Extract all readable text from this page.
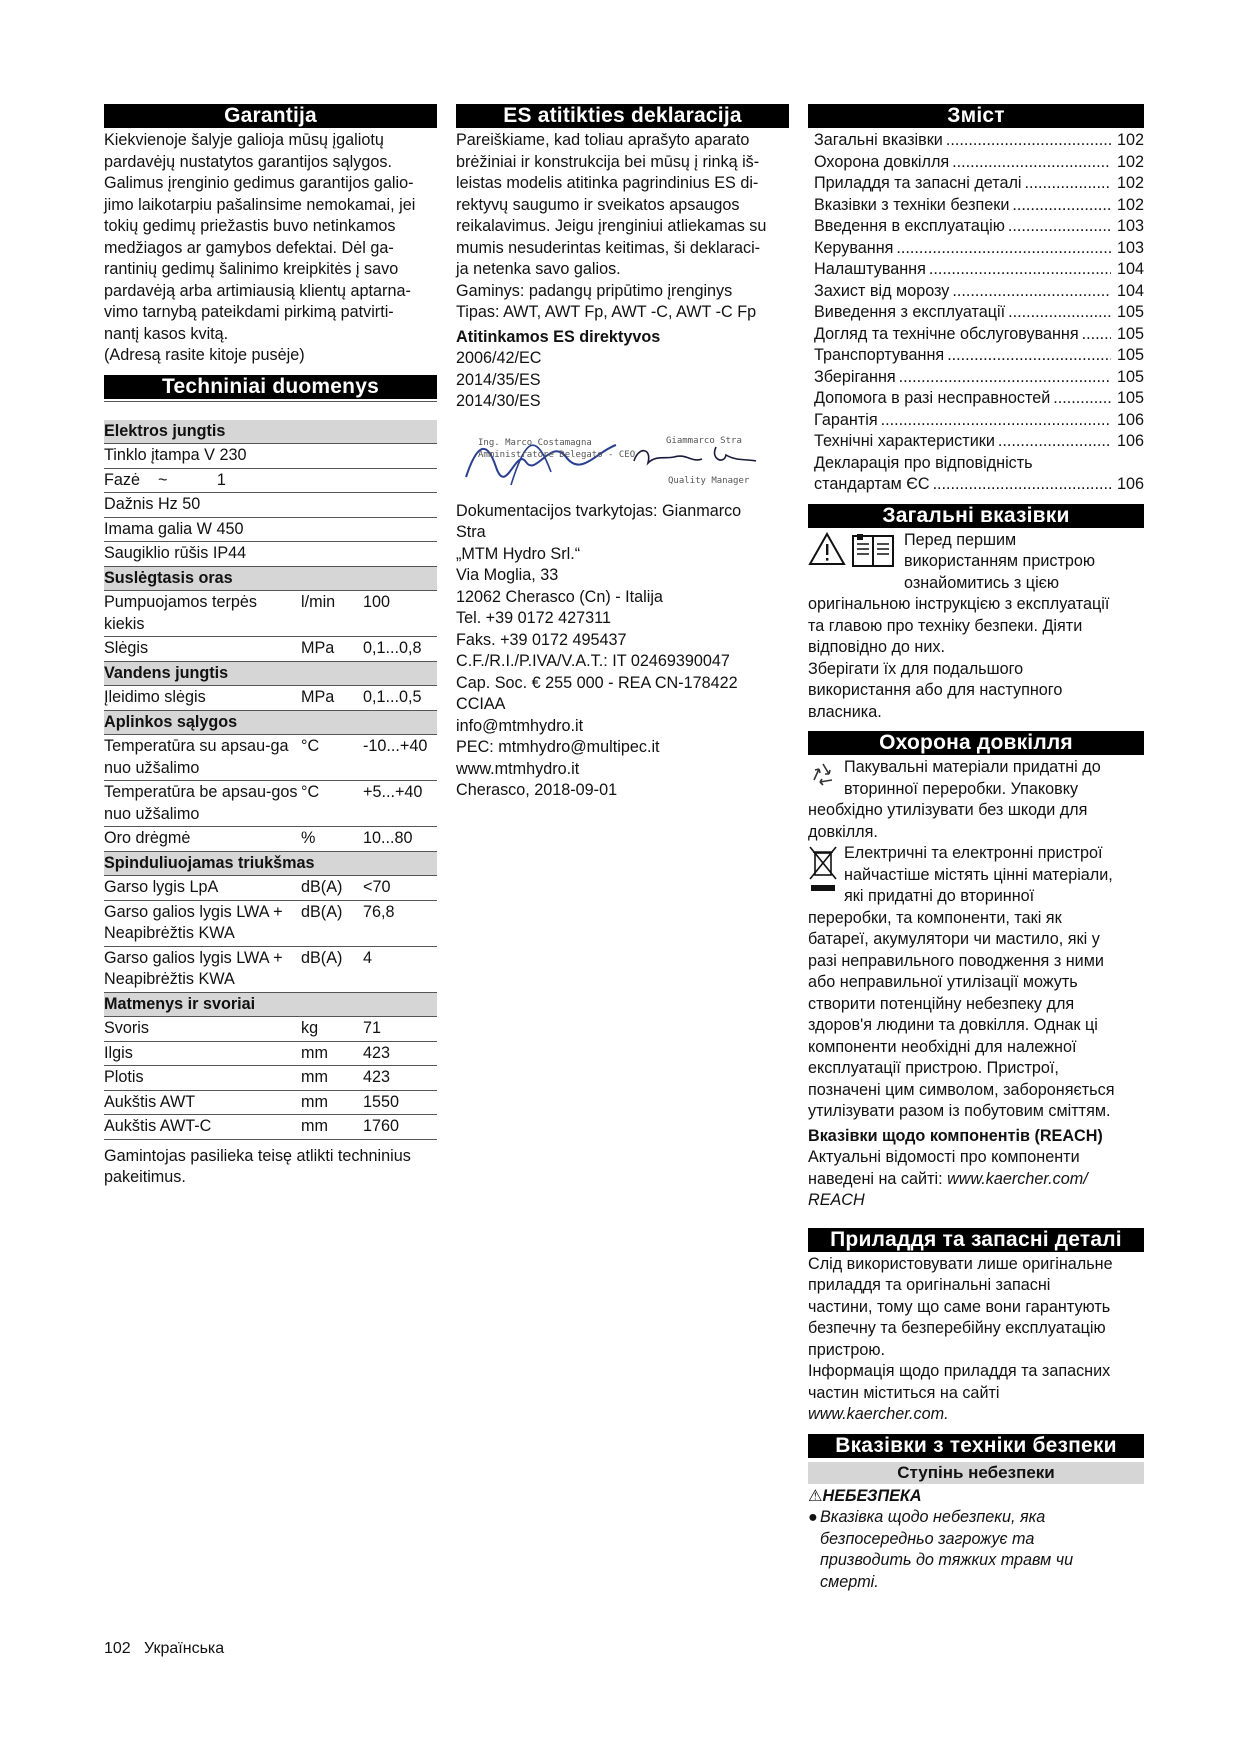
Garantija

Kiekvienoje šalyje galioja mūsų įgaliotų

pardavėjų nustatytos garantijos sąlygos.

Galimus įrenginio gedimus garantijos galio-

jimo laikotarpiu pašalinsime nemokamai, jei

tokių gedimų priežastis buvo netinkamos

medžiagos ar gamybos defektai. Dėl ga-

rantinių gedimų šalinimo kreipkitės į savo

pardavėją arba artimiausią klientų aptarna-

vimo tarnybą pateikdami pirkimą patvirti-

nantį kasos kvitą.

(Adresą rasite kitoje pusėje)

Techniniai duomenys
Elektros jungtis		
Tinklo įtampa V 230		
Fazė    ~           1		
Dažnis Hz 50		
Imama galia W 450		
Saugiklio rūšis IP44		
Suslėgtasis oras		
Pumpuojamos terpės kiekis	l/min	100
Slėgis	MPa	0,1...0,8
Vandens jungtis		
Įleidimo slėgis	MPa	0,1...0,5
Aplinkos sąlygos		
Temperatūra su apsau-ga nuo užšalimo	°C	-10...+40
Temperatūra be apsau-gos nuo užšalimo	°C	+5...+40
Oro drėgmė	%	10...80
Spinduliuojamas triukšmas		
Garso lygis LpA	dB(A)	<70
Garso galios lygis LWA + Neapibrėžtis KWA	dB(A)	76,8
Garso galios lygis LWA + Neapibrėžtis KWA	dB(A)	4
Matmenys ir svoriai		
Svoris	kg	71
Ilgis	mm	423
Plotis	mm	423
Aukštis AWT	mm	1550
Aukštis AWT-C	mm	1760

Gamintojas pasilieka teisę atlikti techninius pakeitimus.

ES atitikties deklaracija

Pareiškiame, kad toliau aprašyto aparato

brėžiniai ir konstrukcija bei mūsų į rinką iš-

leistas modelis atitinka pagrindinius ES di-

rektyvų saugumo ir sveikatos apsaugos

reikalavimus. Jeigu įrenginiui atliekamas su

mumis nesuderintas keitimas, ši deklaraci-

ja netenka savo galios.

Gaminys: padangų pripūtimo įrenginys

Tipas: AWT, AWT Fp, AWT -C, AWT -C Fp

Atitinkamos ES direktyvos

2006/42/EC

2014/35/ES

2014/30/ES

Ing. Marco Costamagna
Amministratore Delegato - CEO
Giammarco Stra
Quality Manager

Dokumentacijos tvarkytojas: Gianmarco

Stra

„MTM Hydro Srl.“

Via Moglia, 33

12062 Cherasco (Cn) - Italija

Tel. +39 0172 427311

Faks. +39 0172 495437

C.F./R.I./P.IVA/V.A.T.: IT 02469390047

Cap. Soc. € 255 000 - REA CN-178422

CCIAA

info@mtmhydro.it

PEC: mtmhydro@multipec.it

www.mtmhydro.it

Cherasco, 2018-09-01

Зміст
Загальні вказівки .....	102
Охорона довкілля .....	102
Приладдя та запасні деталі .....	102
Вказівки з техніки безпеки .....	102
Введення в експлуатацію .....	103
Керування .....	103
Налаштування .....	104
Захист від морозу .....	104
Виведення з експлуатації .....	105
Догляд та технічне обслуговування ..... 105
Транспортування .....	105
Зберігання .....	105
Допомога в разі несправностей .....	105
Гарантія .....	106
Технічні характеристики .....	106
Декларація про відповідність
стандартам ЄС .....	106
Загальні вказівки

Перед першим

використанням пристрою

ознайомитись з цією

оригінальною інструкцією з експлуатації

та главою про техніку безпеки. Діяти

відповідно до них.

Зберігати їх для подальшого

використання або для наступного

власника.

Охорона довкілля

Пакувальні матеріали придатні до

вторинної переробки. Упаковку

необхідно утилізувати без шкоди для

довкілля.

Електричні та електронні пристрої

найчастіше містять цінні матеріали,

які придатні до вторинної

переробки, та компоненти, такі як

батареї, акумулятори чи мастило, які у

разі неправильного поводження з ними

або неправильної утилізації можуть

створити потенційну небезпеку для

здоров'я людини та довкілля. Однак ці

компоненти необхідні для належної

експлуатації пристрою. Пристрої,

позначені цим символом, забороняється

утилізувати разом із побутовим сміттям.

Вказівки щодо компонентів (REACH)

Актуальні відомості про компоненти

наведені на сайті: www.kaercher.com/

REACH

Приладдя та запасні деталі

Слід використовувати лише оригінальне

приладдя та оригінальні запасні

частини, тому що саме вони гарантують

безпечну та безперебійну експлуатацію

пристрою.

Інформація щодо приладдя та запасних

частин міститься на сайті

www.kaercher.com.

Вказівки з техніки безпеки
Ступінь небезпеки

⚠НЕБЕЗПЕКА

● Вказівка щодо небезпеки, яка

безпосередньо загрожує та

призводить до тяжких травм чи

смерті.

102 Українська
